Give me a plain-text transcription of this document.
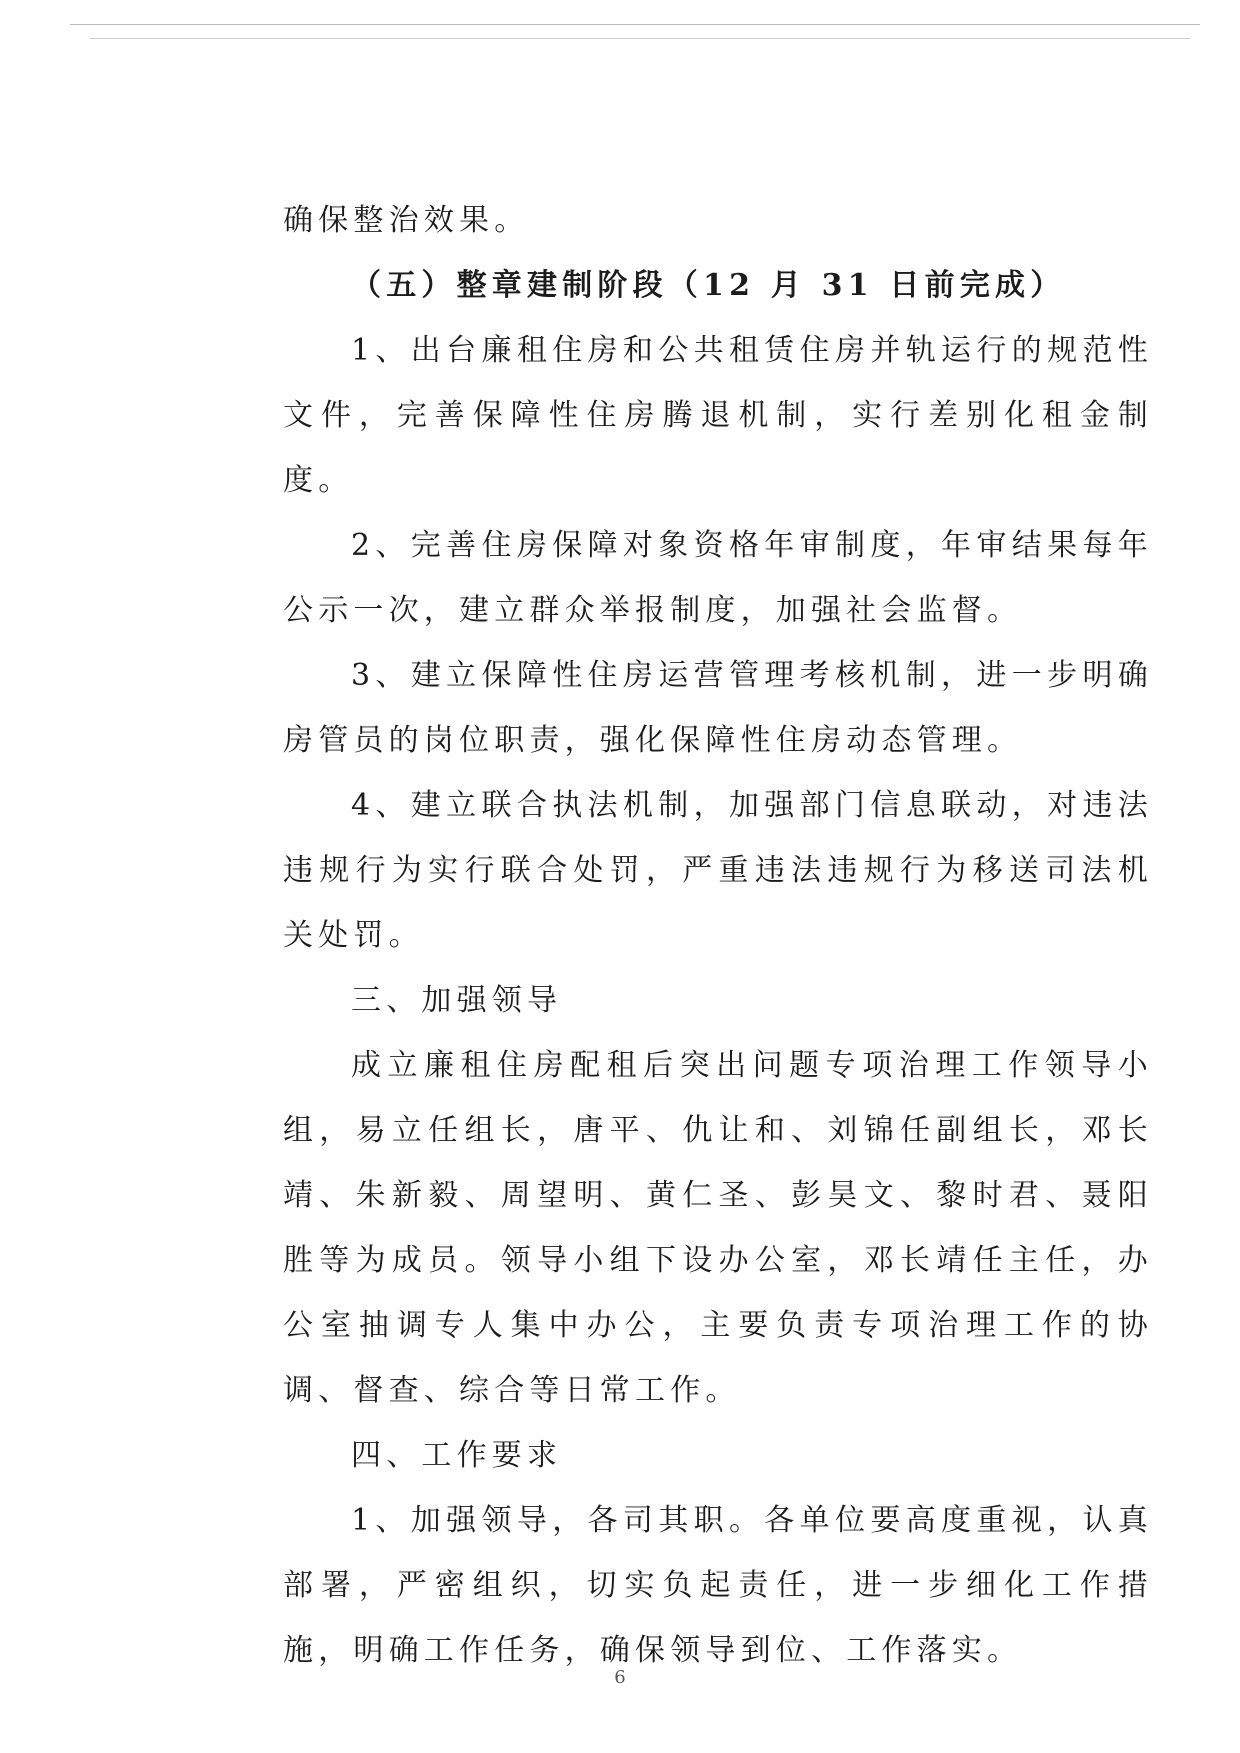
确保整治效果。

（五）整章建制阶段（12 月 31 日前完成）

1、出台廉租住房和公共租赁住房并轨运行的规范性文件，完善保障性住房腾退机制，实行差别化租金制度。

2、完善住房保障对象资格年审制度，年审结果每年公示一次，建立群众举报制度，加强社会监督。

3、建立保障性住房运营管理考核机制，进一步明确房管员的岗位职责，强化保障性住房动态管理。

4、建立联合执法机制，加强部门信息联动，对违法违规行为实行联合处罚，严重违法违规行为移送司法机关处罚。

三、加强领导

成立廉租住房配租后突出问题专项治理工作领导小组，易立任组长，唐平、仇让和、刘锦任副组长，邓长靖、朱新毅、周望明、黄仁圣、彭昊文、黎时君、聂阳胜等为成员。领导小组下设办公室，邓长靖任主任，办公室抽调专人集中办公，主要负责专项治理工作的协调、督查、综合等日常工作。

四、工作要求

1、加强领导，各司其职。各单位要高度重视，认真部署，严密组织，切实负起责任，进一步细化工作措施，明确工作任务，确保领导到位、工作落实。

6
